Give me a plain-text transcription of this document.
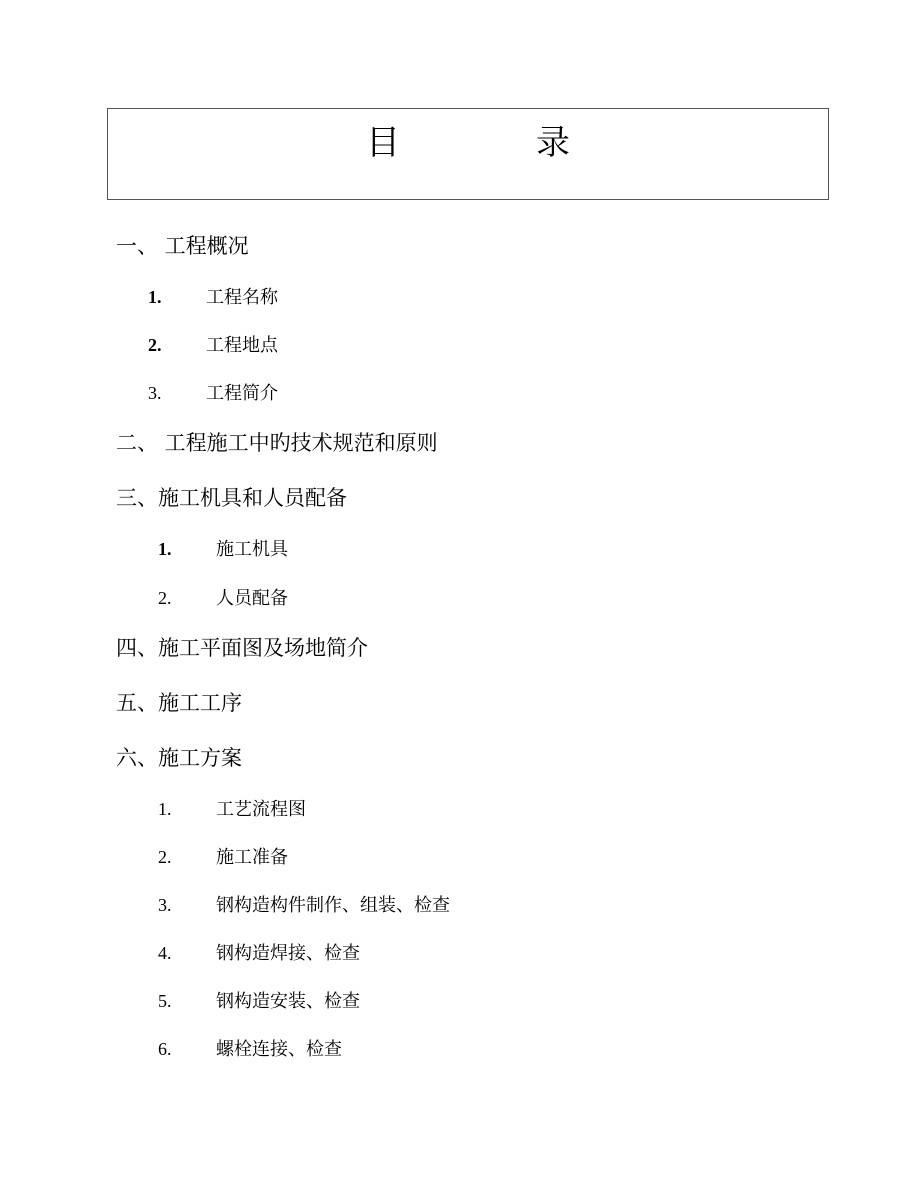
目	录
一、 工程概况
1. 工程名称
2. 工程地点
3. 工程简介
二、 工程施工中旳技术规范和原则
三、施工机具和人员配备
1. 施工机具
2. 人员配备
四、施工平面图及场地简介
五、施工工序
六、施工方案
1. 工艺流程图
2. 施工准备
3. 钢构造构件制作、组装、检查
4. 钢构造焊接、检查
5. 钢构造安装、检查
6. 螺栓连接、检查
